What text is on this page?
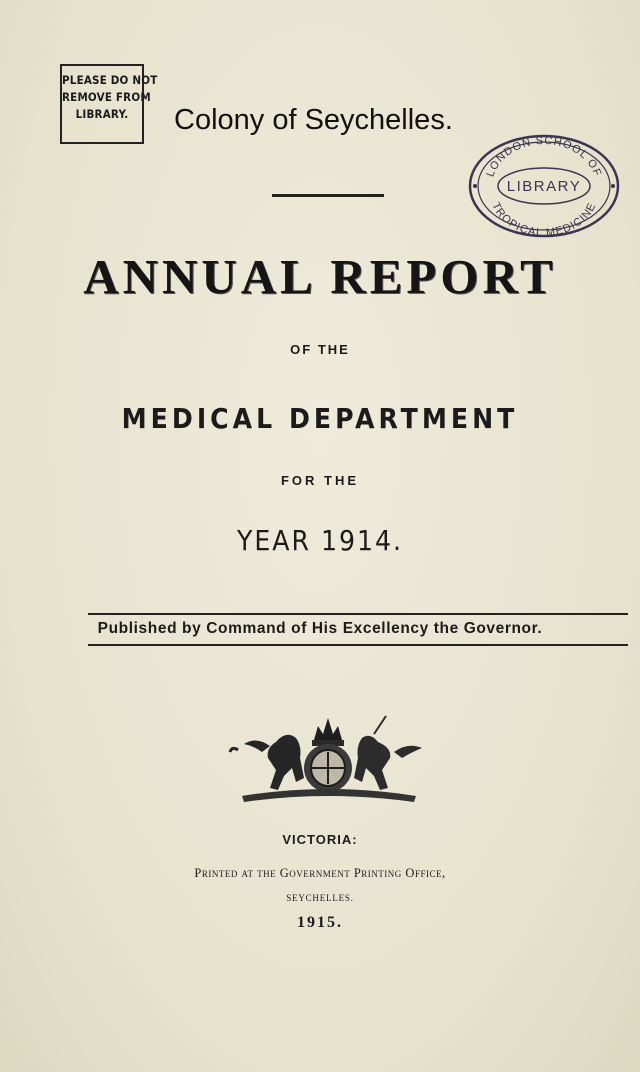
PLEASE DO NOT
REMOVE FROM
LIBRARY.	Colony of Seychelles.
LONDON SCHOOL OF
LIBRARY
TROPICAL MEDICINE
ANNUAL REPORT
OF THE
MEDICAL DEPARTMENT
FOR THE
YEAR 1914.
Published by Command of His Excellency the Governor.
VICTORIA:
Printed at the Government Printing Office,
SEYCHELLES.
1915.
